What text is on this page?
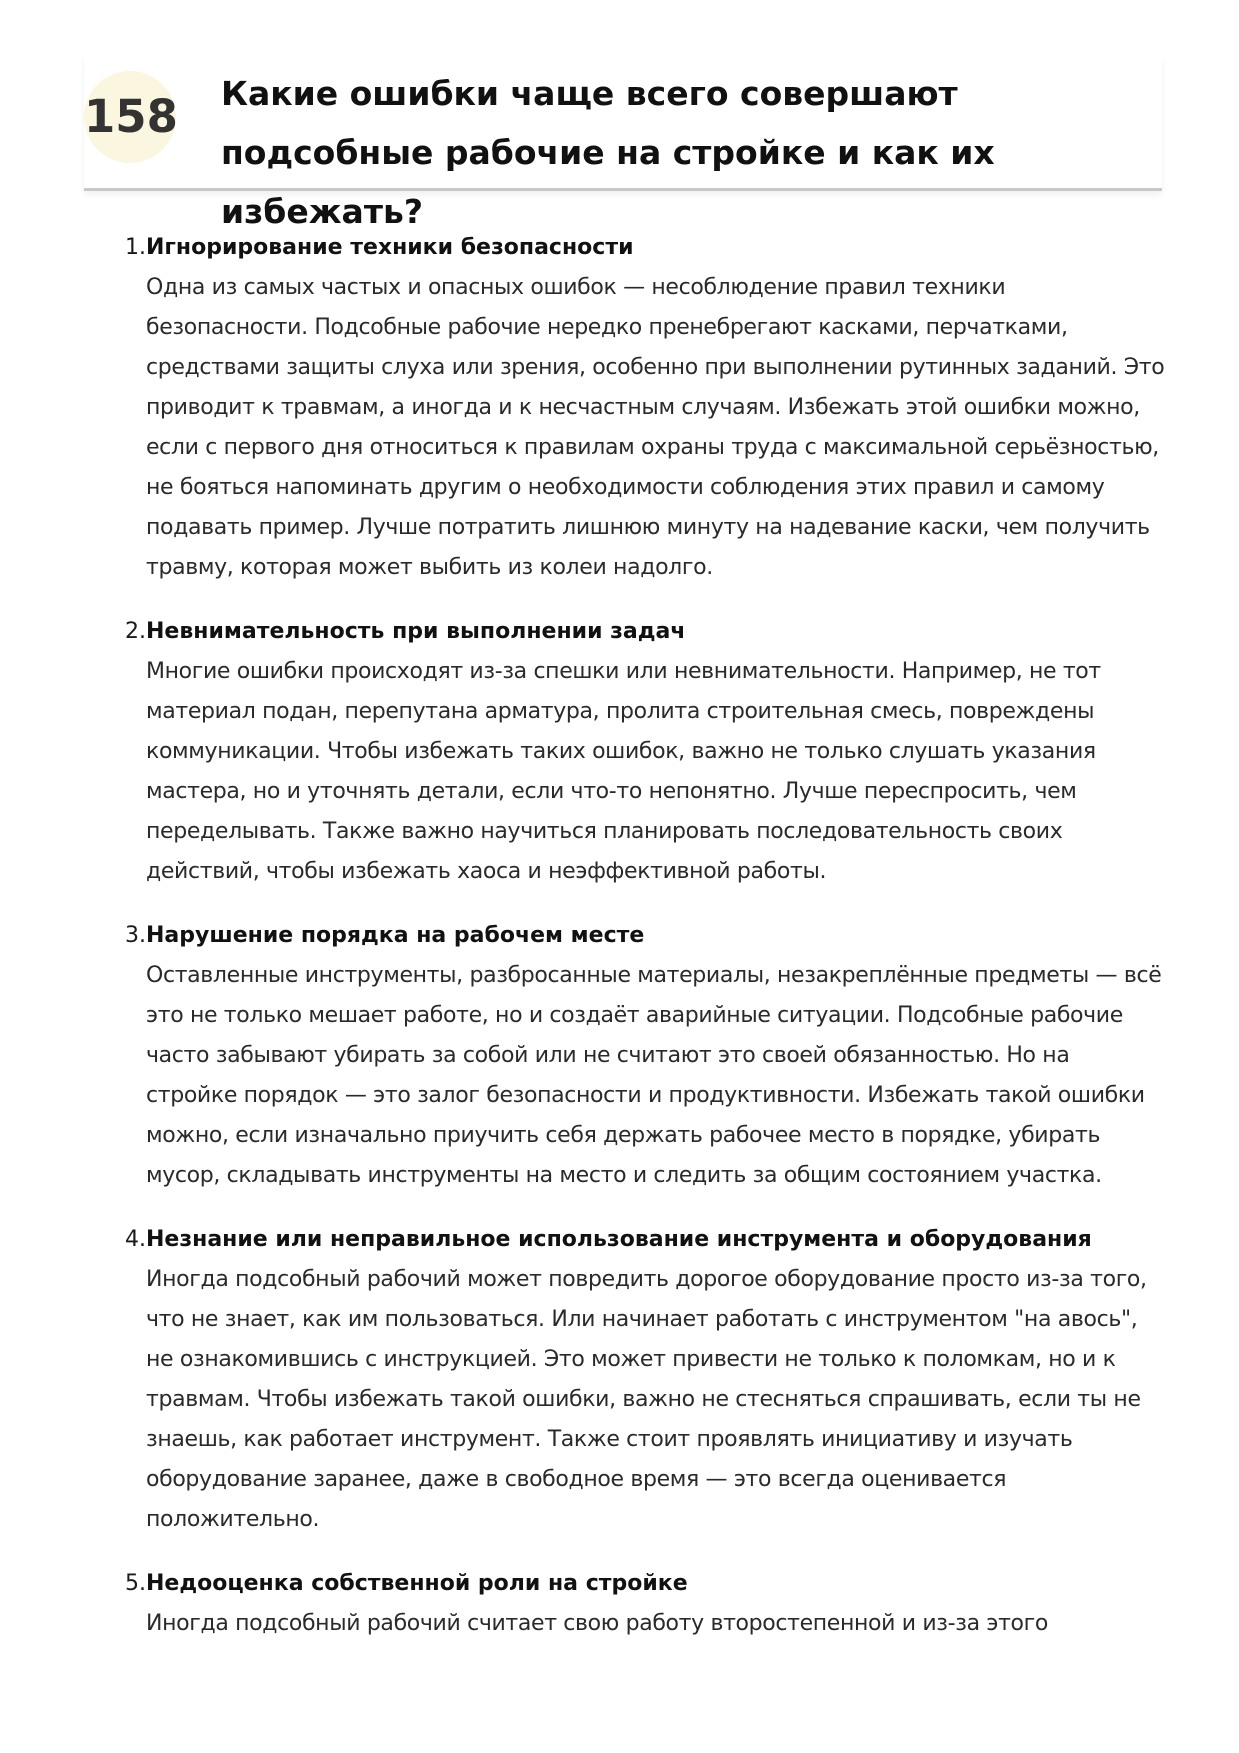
158 Какие ошибки чаще всего совершают подсобные рабочие на стройке и как их избежать?
1. Игнорирование техники безопасности
Одна из самых частых и опасных ошибок — несоблюдение правил техники безопасности. Подсобные рабочие нередко пренебрегают касками, перчатками, средствами защиты слуха или зрения, особенно при выполнении рутинных заданий. Это приводит к травмам, а иногда и к несчастным случаям. Избежать этой ошибки можно, если с первого дня относиться к правилам охраны труда с максимальной серьёзностью, не бояться напоминать другим о необходимости соблюдения этих правил и самому подавать пример. Лучше потратить лишнюю минуту на надевание каски, чем получить травму, которая может выбить из колеи надолго.
2. Невнимательность при выполнении задач
Многие ошибки происходят из-за спешки или невнимательности. Например, не тот материал подан, перепутана арматура, пролита строительная смесь, повреждены коммуникации. Чтобы избежать таких ошибок, важно не только слушать указания мастера, но и уточнять детали, если что-то непонятно. Лучше переспросить, чем переделывать. Также важно научиться планировать последовательность своих действий, чтобы избежать хаоса и неэффективной работы.
3. Нарушение порядка на рабочем месте
Оставленные инструменты, разбросанные материалы, незакреплённые предметы — всё это не только мешает работе, но и создаёт аварийные ситуации. Подсобные рабочие часто забывают убирать за собой или не считают это своей обязанностью. Но на стройке порядок — это залог безопасности и продуктивности. Избежать такой ошибки можно, если изначально приучить себя держать рабочее место в порядке, убирать мусор, складывать инструменты на место и следить за общим состоянием участка.
4. Незнание или неправильное использование инструмента и оборудования
Иногда подсобный рабочий может повредить дорогое оборудование просто из-за того, что не знает, как им пользоваться. Или начинает работать с инструментом "на авось", не ознакомившись с инструкцией. Это может привести не только к поломкам, но и к травмам. Чтобы избежать такой ошибки, важно не стесняться спрашивать, если ты не знаешь, как работает инструмент. Также стоит проявлять инициативу и изучать оборудование заранее, даже в свободное время — это всегда оценивается положительно.
5. Недооценка собственной роли на стройке
Иногда подсобный рабочий считает свою работу второстепенной и из-за этого
